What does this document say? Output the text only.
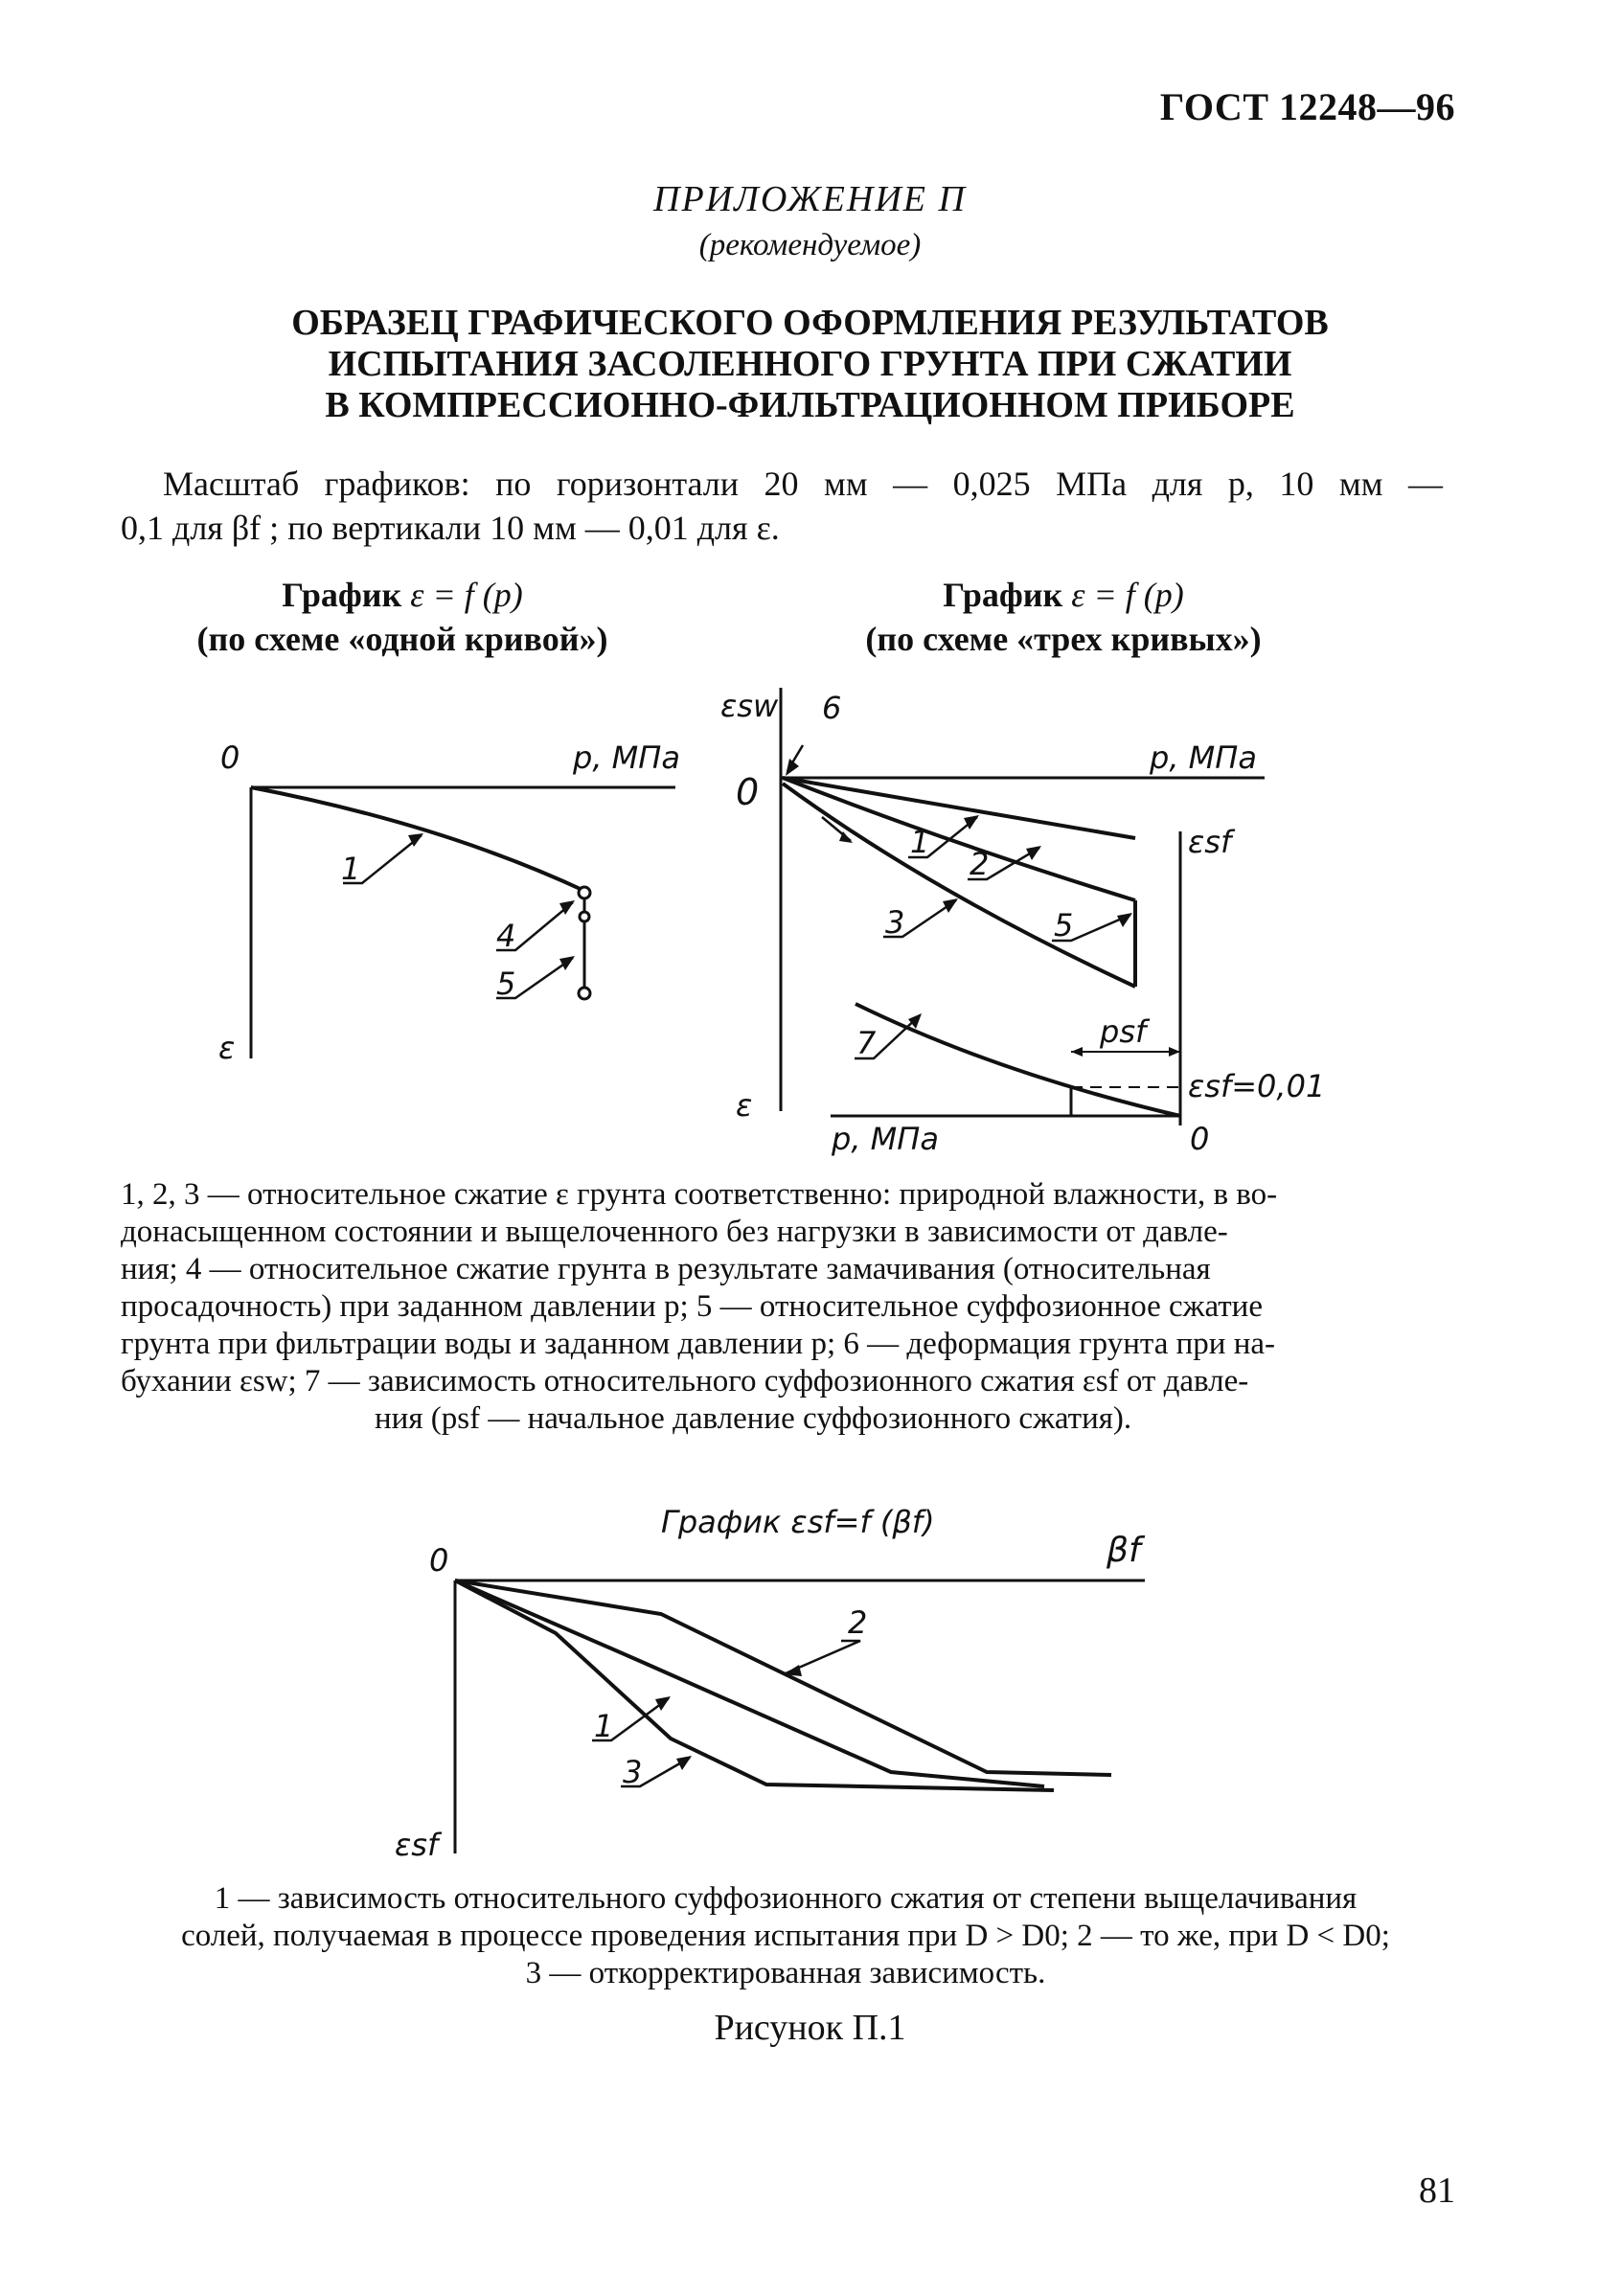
ГОСТ 12248—96
ПРИЛОЖЕНИЕ П
(рекомендуемое)
ОБРАЗЕЦ ГРАФИЧЕСКОГО ОФОРМЛЕНИЯ РЕЗУЛЬТАТОВ
ИСПЫТАНИЯ ЗАСОЛЕННОГО ГРУНТА ПРИ СЖАТИИ
В КОМПРЕССИОННО-ФИЛЬТРАЦИОННОМ ПРИБОРЕ
Масштаб графиков: по горизонтали 20 мм — 0,025 МПа для p, 10 мм —
0,1 для βf ; по вертикали 10 мм — 0,01 для ε.
График ε = f (p)
(по схеме «одной кривой»)
График ε = f (p)
(по схеме «трех кривых»)
0	p, МПа
ε
1
4
5
εsw 6
0
p, МПа
εsf
1
2
3	5
7	psf
εsf=0,01
ε
p, МПа	0
1, 2, 3 — относительное сжатие ε грунта соответственно: природной влажности, в во-
донасыщенном состоянии и выщелоченного без нагрузки в зависимости от давле-
ния; 4 — относительное сжатие грунта в результате замачивания (относительная
просадочность) при заданном давлении p; 5 — относительное суффозионное сжатие
грунта при фильтрации воды и заданном давлении p; 6 — деформация грунта при на-
бухании εsw; 7 — зависимость относительного суффозионного сжатия εsf от давле-
ния (psf — начальное давление суффозионного сжатия).
График εsf=f (βf)
0	βf
εsf
2
1
3
1 — зависимость относительного суффозионного сжатия от степени выщелачивания
солей, получаемая в процессе проведения испытания при D > D0; 2 — то же, при D < D0;
3 — откорректированная зависимость.
Рисунок П.1
81
